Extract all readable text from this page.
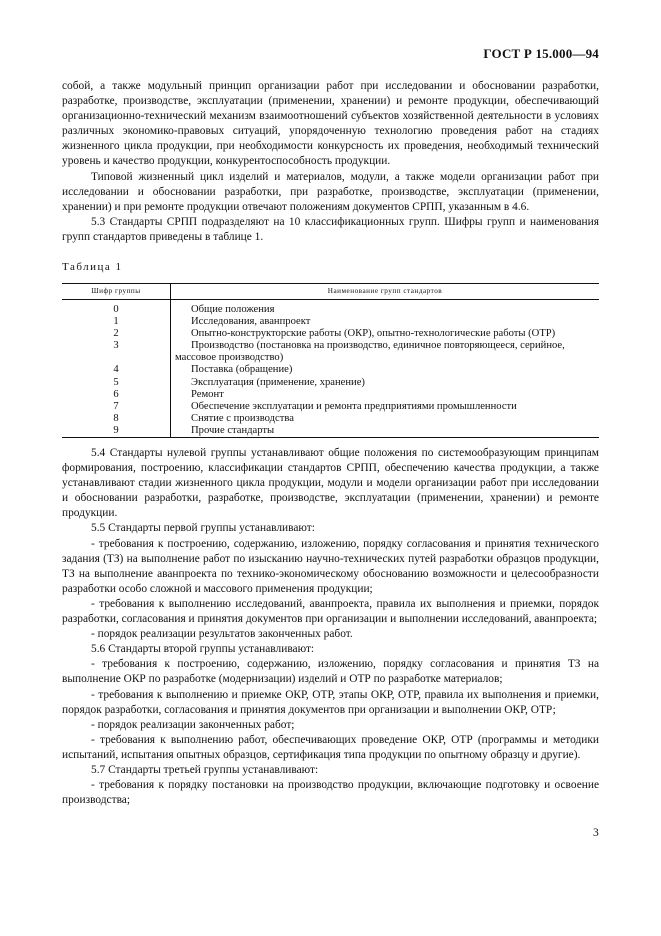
ГОСТ Р 15.000—94

собой, а также модульный принцип организации работ при исследовании и обосновании разработки, разработке, производстве, эксплуатации (применении, хранении) и ремонте продукции, обеспечивающий организационно-технический механизм взаимоотношений субъектов хозяйственной деятельности в условиях различных экономико-правовых ситуаций, упорядоченную технологию проведения работ на стадиях жизненного цикла продукции, при необходимости конкурсность их проведения, необходимый технический уровень и качество продукции, конкурентоспособность продукции.

Типовой жизненный цикл изделий и материалов, модули, а также модели организации работ при исследовании и обосновании разработки, при разработке, производстве, эксплуатации (применении, хранении) и при ремонте продукции отвечают положениям документов СРПП, указанным в 4.6.

5.3 Стандарты СРПП подразделяют на 10 классификационных групп. Шифры групп и наименования групп стандартов приведены в таблице 1.

Таблица 1
Шифр группы	Наименование групп стандартов
0	Общие положения

1	Исследования, аванпроект

2	Опытно-конструкторские работы (ОКР), опытно-технологические работы (ОТР)

3	Производство (постановка на производство, единичное повторяющееся, серийное, массовое производство)

4	Поставка (обращение)

5	Эксплуатация (применение, хранение)

6	Ремонт

7	Обеспечение эксплуатации и ремонта предприятиями промышленности

8	Снятие с производства

9	Прочие стандарты

5.4 Стандарты нулевой группы устанавливают общие положения по системообразующим принципам формирования, построению, классификации стандартов СРПП, обеспечению качества продукции, а также устанавливают стадии жизненного цикла продукции, модули и модели организации работ при исследовании и обосновании разработки, разработке, производстве, эксплуатации (применении, хранении) и ремонте продукции.

5.5 Стандарты первой группы устанавливают:

- требования к построению, содержанию, изложению, порядку согласования и принятия технического задания (ТЗ) на выполнение работ по изысканию научно-технических путей разработки образцов продукции, ТЗ на выполнение аванпроекта по технико-экономическому обоснованию возможности и целесообразности разработки особо сложной и массового применения продукции;

- требования к выполнению исследований, аванпроекта, правила их выполнения и приемки, порядок разработки, согласования и принятия документов при организации и выполнении исследований, аванпроекта;

- порядок реализации результатов законченных работ.

5.6 Стандарты второй группы устанавливают:

- требования к построению, содержанию, изложению, порядку согласования и принятия ТЗ на выполнение ОКР по разработке (модернизации) изделий и ОТР по разработке материалов;

- требования к выполнению и приемке ОКР, ОТР, этапы ОКР, ОТР, правила их выполнения и приемки, порядок разработки, согласования и принятия документов при организации и выполнении ОКР, ОТР;

- порядок реализации законченных работ;

- требования к выполнению работ, обеспечивающих проведение ОКР, ОТР (программы и методики испытаний, испытания опытных образцов, сертификация типа продукции по опытному образцу и другие).

5.7 Стандарты третьей группы устанавливают:

- требования к порядку постановки на производство продукции, включающие подготовку и освоение производства;

3
